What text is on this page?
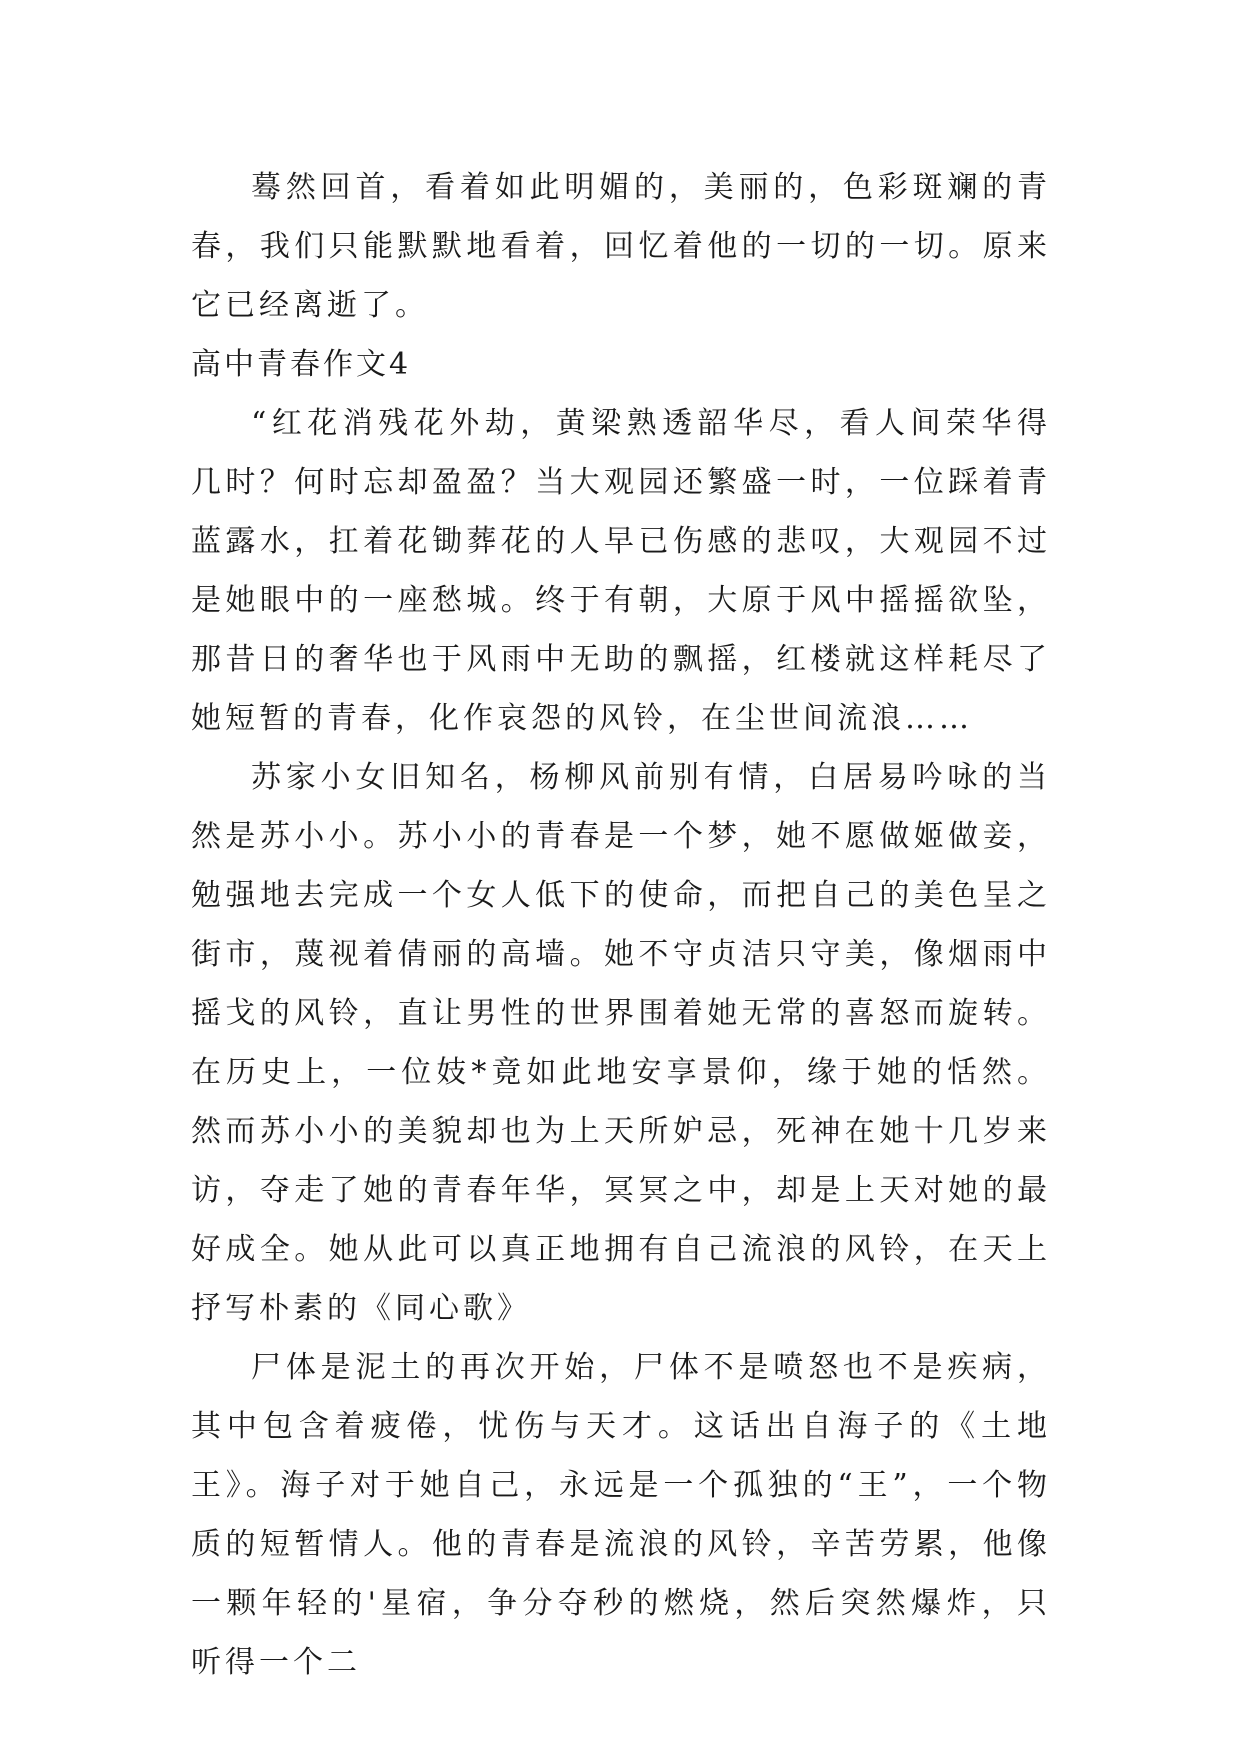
蓦然回首，看着如此明媚的，美丽的，色彩斑斓的青春，我们只能默默地看着，回忆着他的一切的一切。原来它已经离逝了。

高中青春作文4

“红花消残花外劫，黄梁熟透韶华尽，看人间荣华得几时？何时忘却盈盈？当大观园还繁盛一时，一位踩着青蓝露水，扛着花锄葬花的人早已伤感的悲叹，大观园不过是她眼中的一座愁城。终于有朝，大原于风中摇摇欲坠，那昔日的奢华也于风雨中无助的飘摇，红楼就这样耗尽了她短暂的青春，化作哀怨的风铃，在尘世间流浪……

苏家小女旧知名，杨柳风前别有情，白居易吟咏的当然是苏小小。苏小小的青春是一个梦，她不愿做姬做妾，勉强地去完成一个女人低下的使命，而把自己的美色呈之街市，蔑视着倩丽的高墙。她不守贞洁只守美，像烟雨中摇戈的风铃，直让男性的世界围着她无常的喜怒而旋转。在历史上，一位妓*竟如此地安享景仰，缘于她的恬然。然而苏小小的美貌却也为上天所妒忌，死神在她十几岁来访，夺走了她的青春年华，冥冥之中，却是上天对她的最好成全。她从此可以真正地拥有自己流浪的风铃，在天上抒写朴素的《同心歌》

尸体是泥土的再次开始，尸体不是喷怒也不是疾病，其中包含着疲倦，忧伤与天才。这话出自海子的《土地王》。海子对于她自己，永远是一个孤独的“王”，一个物质的短暂情人。他的青春是流浪的风铃，辛苦劳累，他像一颗年轻的'星宿，争分夺秒的燃烧，然后突然爆炸，只听得一个二
